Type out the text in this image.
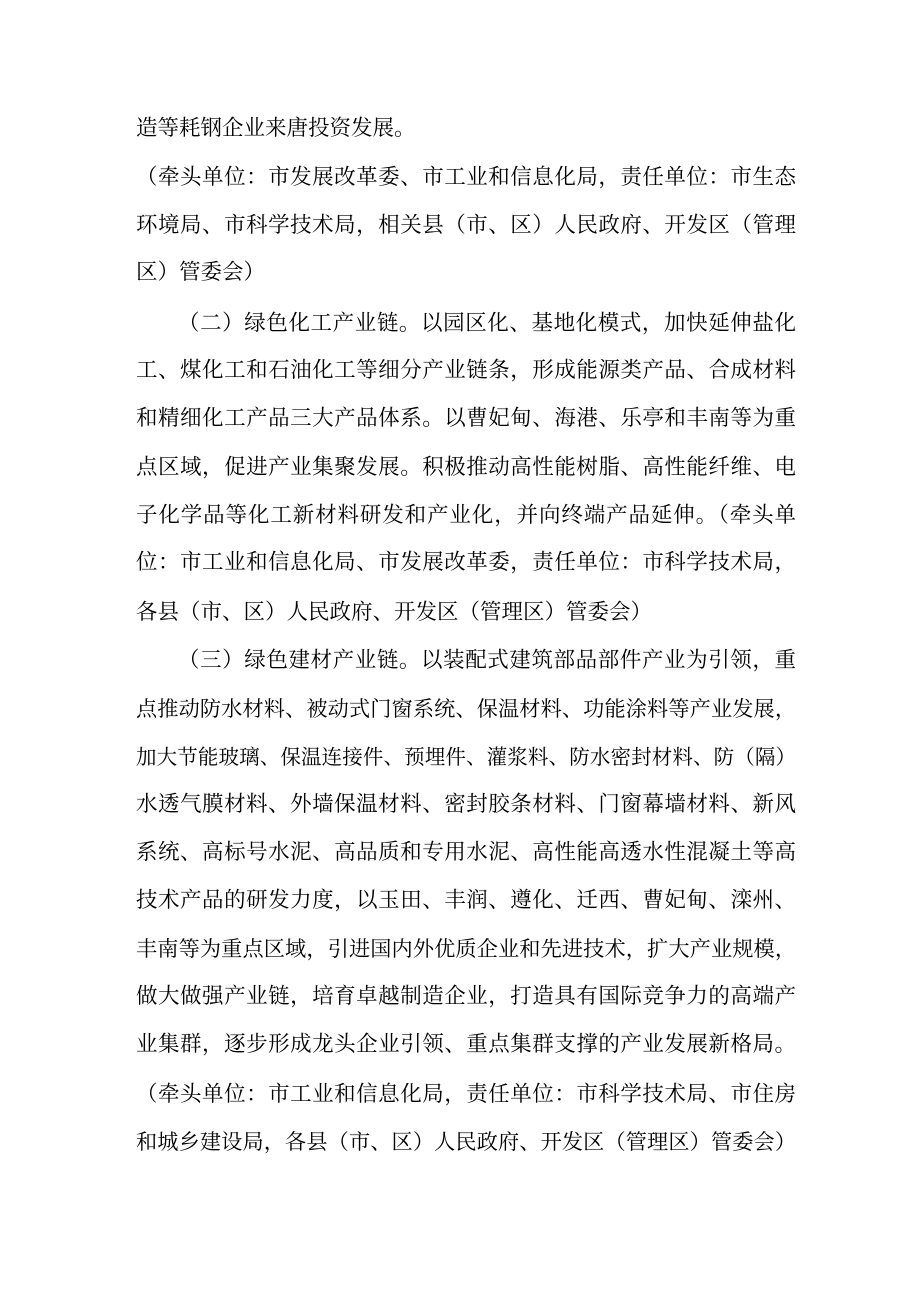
造等耗钢企业来唐投资发展。
（牵头单位：市发展改革委、市工业和信息化局，责任单位：市生态
环境局、市科学技术局，相关县（市、区）人民政府、开发区（管理
区）管委会）
（二）绿色化工产业链。以园区化、基地化模式，加快延伸盐化
工、煤化工和石油化工等细分产业链条，形成能源类产品、合成材料
和精细化工产品三大产品体系。以曹妃甸、海港、乐亭和丰南等为重
点区域，促进产业集聚发展。积极推动高性能树脂、高性能纤维、电
子化学品等化工新材料研发和产业化，并向终端产品延伸。（牵头单
位：市工业和信息化局、市发展改革委，责任单位：市科学技术局，
各县（市、区）人民政府、开发区（管理区）管委会）
（三）绿色建材产业链。以装配式建筑部品部件产业为引领，重
点推动防水材料、被动式门窗系统、保温材料、功能涂料等产业发展，
加大节能玻璃、保温连接件、预埋件、灌浆料、防水密封材料、防（隔）
水透气膜材料、外墙保温材料、密封胶条材料、门窗幕墙材料、新风
系统、高标号水泥、高品质和专用水泥、高性能高透水性混凝土等高
技术产品的研发力度，以玉田、丰润、遵化、迁西、曹妃甸、滦州、
丰南等为重点区域，引进国内外优质企业和先进技术，扩大产业规模，
做大做强产业链，培育卓越制造企业，打造具有国际竞争力的高端产
业集群，逐步形成龙头企业引领、重点集群支撑的产业发展新格局。
（牵头单位：市工业和信息化局，责任单位：市科学技术局、市住房
和城乡建设局，各县（市、区）人民政府、开发区（管理区）管委会）
